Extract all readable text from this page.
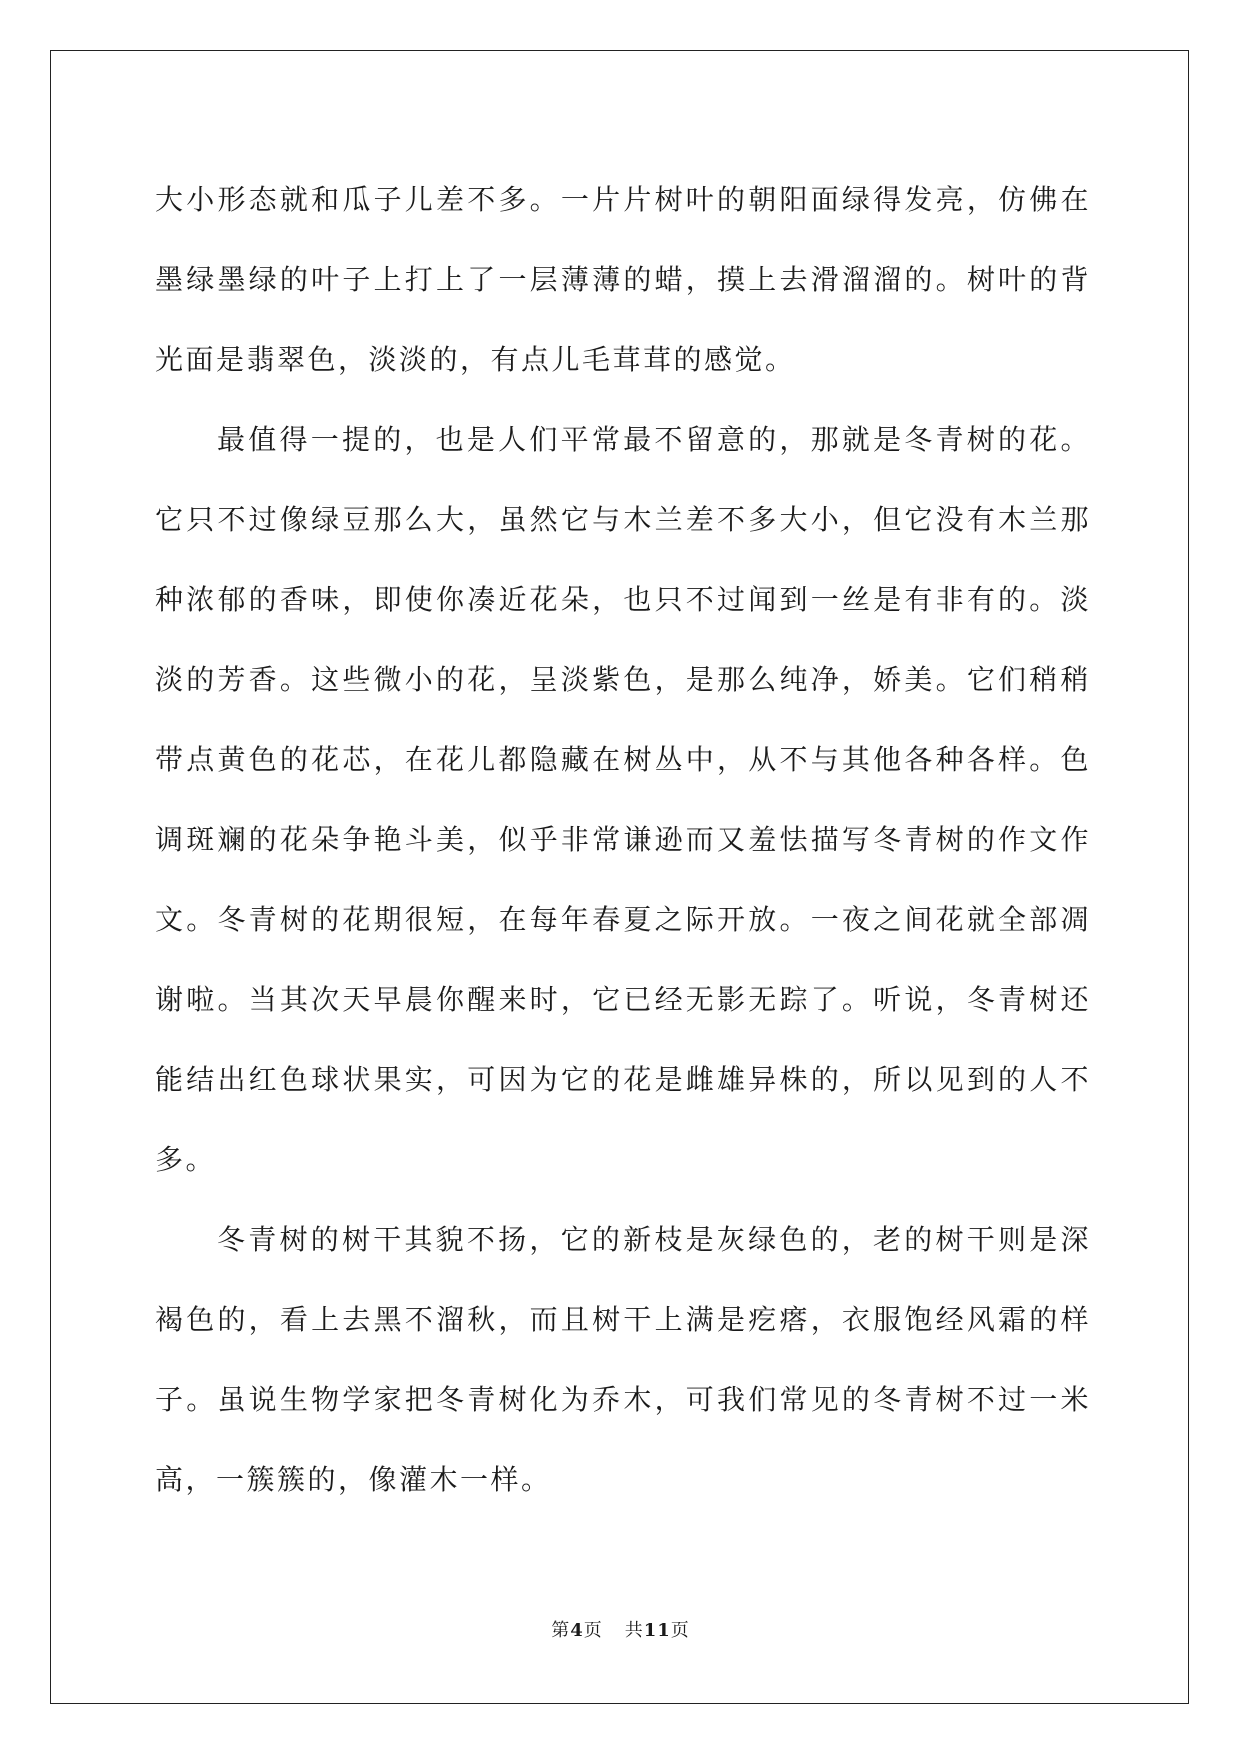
大小形态就和瓜子儿差不多。一片片树叶的朝阳面绿得发亮，仿佛在墨绿墨绿的叶子上打上了一层薄薄的蜡，摸上去滑溜溜的。树叶的背光面是翡翠色，淡淡的，有点儿毛茸茸的感觉。

最值得一提的，也是人们平常最不留意的，那就是冬青树的花。它只不过像绿豆那么大，虽然它与木兰差不多大小，但它没有木兰那种浓郁的香味，即使你凑近花朵，也只不过闻到一丝是有非有的。淡淡的芳香。这些微小的花，呈淡紫色，是那么纯净，娇美。它们稍稍带点黄色的花芯，在花儿都隐藏在树丛中，从不与其他各种各样。色调斑斓的花朵争艳斗美，似乎非常谦逊而又羞怯描写冬青树的作文作文。冬青树的花期很短，在每年春夏之际开放。一夜之间花就全部凋谢啦。当其次天早晨你醒来时，它已经无影无踪了。听说，冬青树还能结出红色球状果实，可因为它的花是雌雄异株的，所以见到的人不多。

冬青树的树干其貌不扬，它的新枝是灰绿色的，老的树干则是深褐色的，看上去黑不溜秋，而且树干上满是疙瘩，衣服饱经风霜的样子。虽说生物学家把冬青树化为乔木，可我们常见的冬青树不过一米高，一簇簇的，像灌木一样。

第4页 共11页
